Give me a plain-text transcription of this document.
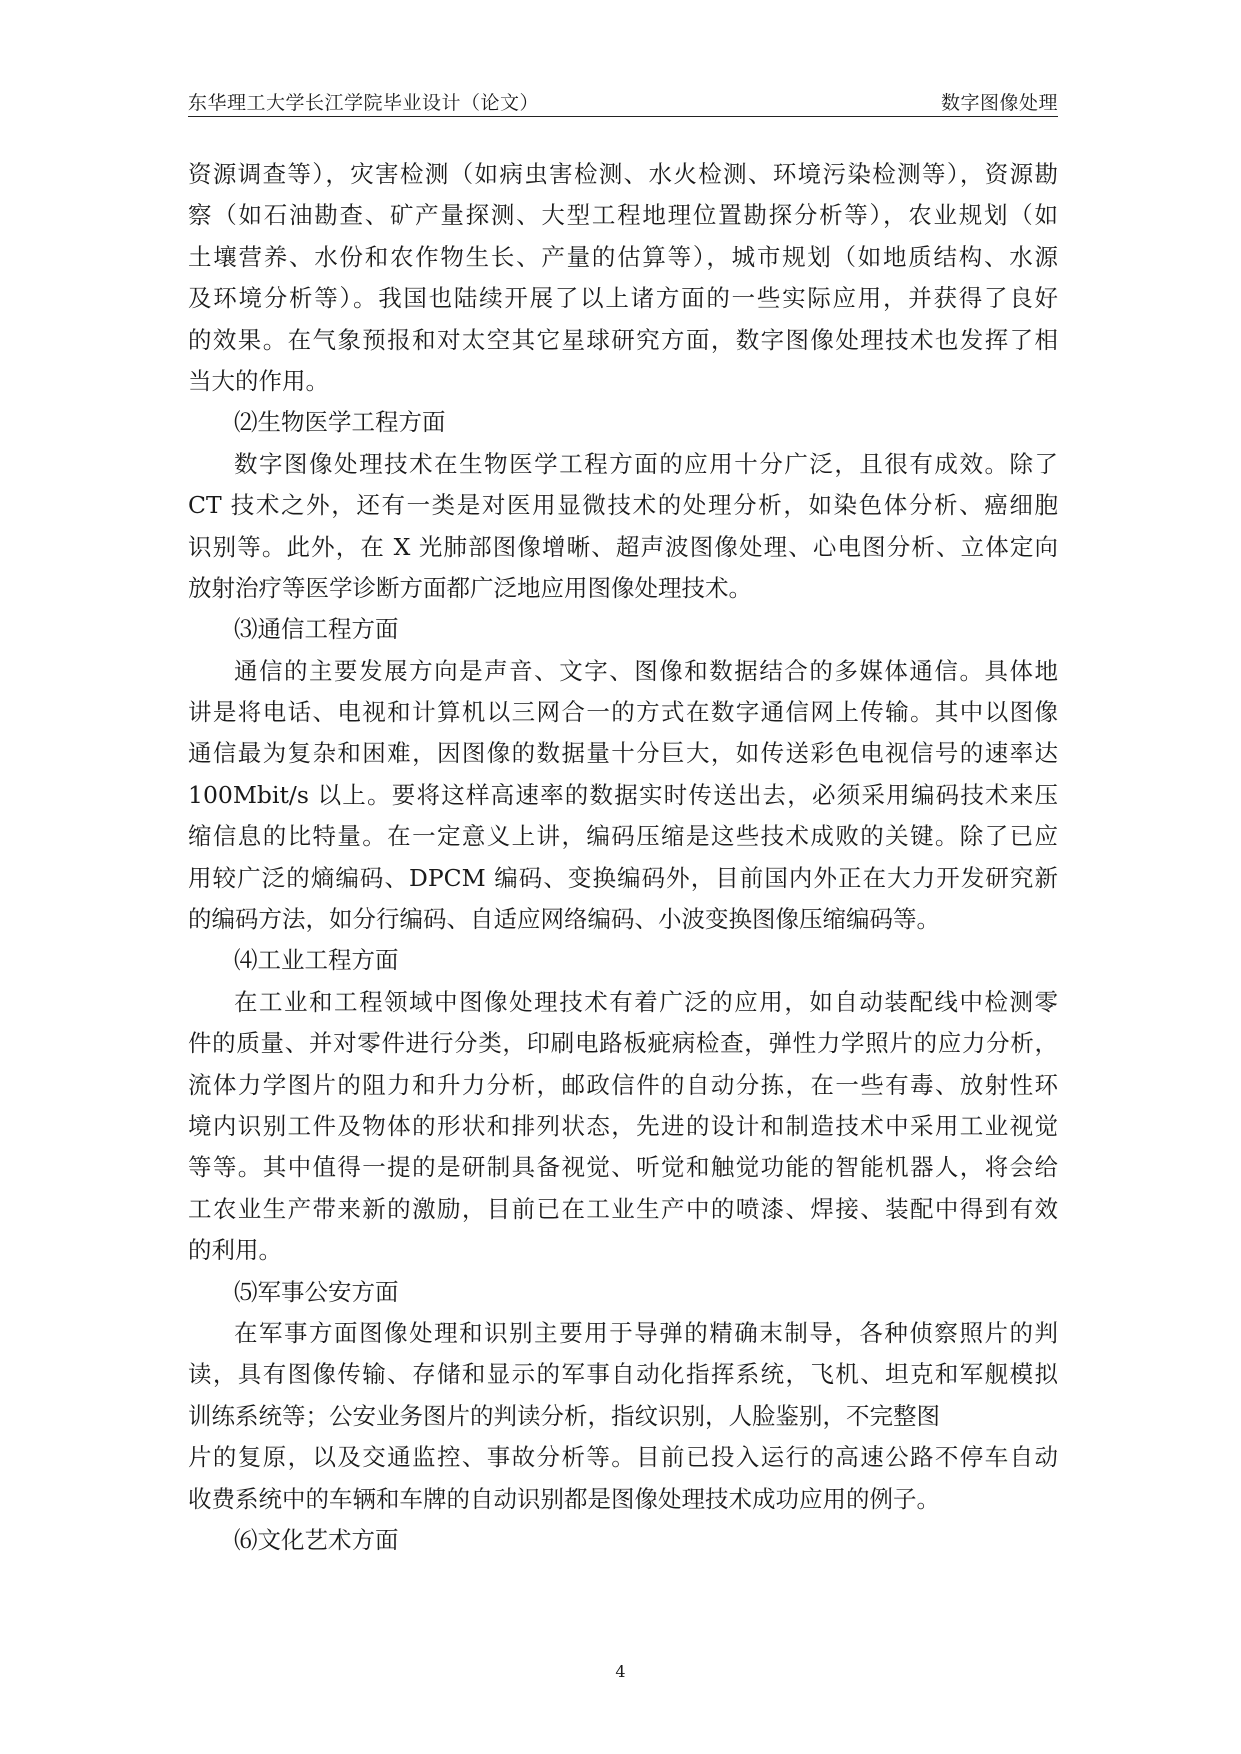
东华理工大学长江学院毕业设计（论文）	数字图像处理
资源调查等），灾害检测（如病虫害检测、水火检测、环境污染检测等），资源勘
察（如石油勘查、矿产量探测、大型工程地理位置勘探分析等），农业规划（如
土壤营养、水份和农作物生长、产量的估算等），城市规划（如地质结构、水源
及环境分析等）。我国也陆续开展了以上诸方面的一些实际应用，并获得了良好
的效果。在气象预报和对太空其它星球研究方面，数字图像处理技术也发挥了相
当大的作用。
⑵生物医学工程方面
数字图像处理技术在生物医学工程方面的应用十分广泛，且很有成效。除了
CT 技术之外，还有一类是对医用显微技术的处理分析，如染色体分析、癌细胞
识别等。此外，在 X 光肺部图像增晰、超声波图像处理、心电图分析、立体定向
放射治疗等医学诊断方面都广泛地应用图像处理技术。
⑶通信工程方面
通信的主要发展方向是声音、文字、图像和数据结合的多媒体通信。具体地
讲是将电话、电视和计算机以三网合一的方式在数字通信网上传输。其中以图像
通信最为复杂和困难，因图像的数据量十分巨大，如传送彩色电视信号的速率达
100Mbit/s 以上。要将这样高速率的数据实时传送出去，必须采用编码技术来压
缩信息的比特量。在一定意义上讲，编码压缩是这些技术成败的关键。除了已应
用较广泛的熵编码、DPCM 编码、变换编码外，目前国内外正在大力开发研究新
的编码方法，如分行编码、自适应网络编码、小波变换图像压缩编码等。
⑷工业工程方面
在工业和工程领域中图像处理技术有着广泛的应用，如自动装配线中检测零
件的质量、并对零件进行分类，印刷电路板疵病检查，弹性力学照片的应力分析，
流体力学图片的阻力和升力分析，邮政信件的自动分拣，在一些有毒、放射性环
境内识别工件及物体的形状和排列状态，先进的设计和制造技术中采用工业视觉
等等。其中值得一提的是研制具备视觉、听觉和触觉功能的智能机器人，将会给
工农业生产带来新的激励，目前已在工业生产中的喷漆、焊接、装配中得到有效
的利用。
⑸军事公安方面
在军事方面图像处理和识别主要用于导弹的精确末制导，各种侦察照片的判
读，具有图像传输、存储和显示的军事自动化指挥系统，飞机、坦克和军舰模拟
训练系统等；公安业务图片的判读分析，指纹识别，人脸鉴别，不完整图
片的复原，以及交通监控、事故分析等。目前已投入运行的高速公路不停车自动
收费系统中的车辆和车牌的自动识别都是图像处理技术成功应用的例子。
⑹文化艺术方面
4
